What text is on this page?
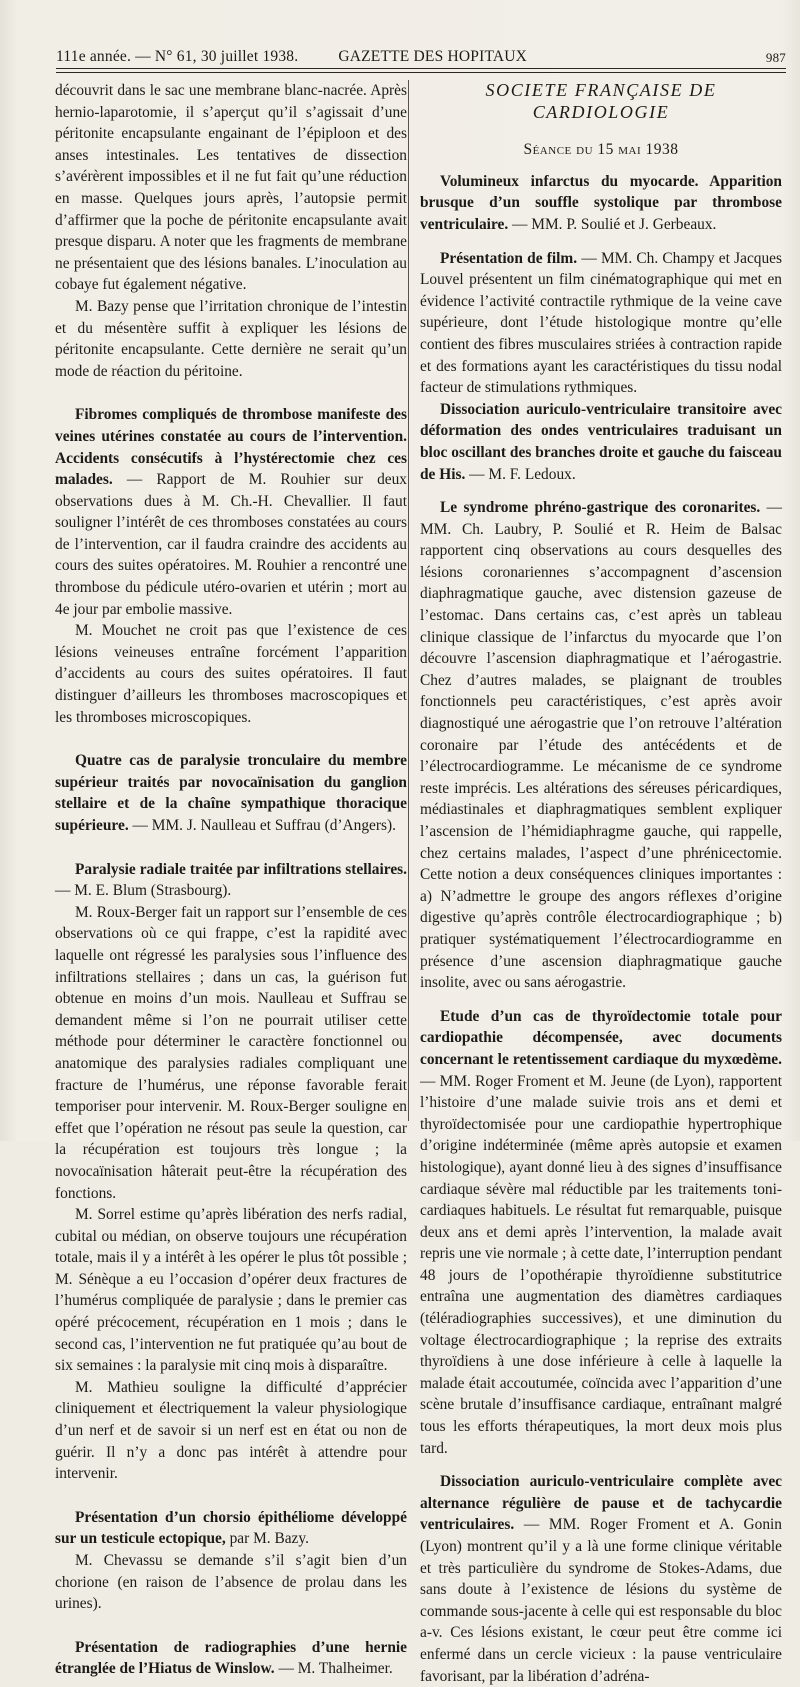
111e année. — N° 61, 30 juillet 1938.	GAZETTE DES HOPITAUX	987

découvrit dans le sac une membrane blanc-nacrée. Après hernio-laparotomie, il s’aperçut qu’il s’agissait d’une péritonite encapsulante engainant de l’épiploon et des anses intestinales. Les tentatives de dissection s’avérèrent impossibles et il ne fut fait qu’une réduction en masse. Quelques jours après, l’autopsie permit d’affirmer que la poche de péritonite encapsulante avait presque disparu. A noter que les fragments de membrane ne présentaient que des lésions banales. L’inoculation au cobaye fut également négative.

M. Bazy pense que l’irritation chronique de l’intestin et du mésentère suffit à expliquer les lésions de péritonite encapsulante. Cette dernière ne serait qu’un mode de réaction du péritoine.

Fibromes compliqués de thrombose manifeste des veines utérines constatée au cours de l’intervention. Accidents consécutifs à l’hystérectomie chez ces malades. — Rapport de M. Rouhier sur deux observations dues à M. Ch.-H. Chevallier. Il faut souligner l’intérêt de ces thromboses constatées au cours de l’intervention, car il faudra craindre des accidents au cours des suites opératoires. M. Rouhier a rencontré une thrombose du pédicule utéro-ovarien et utérin ; mort au 4e jour par embolie massive.

M. Mouchet ne croit pas que l’existence de ces lésions veineuses entraîne forcément l’apparition d’accidents au cours des suites opératoires. Il faut distinguer d’ailleurs les thromboses macroscopiques et les thromboses microscopiques.

Quatre cas de paralysie tronculaire du membre supérieur traités par novocaïnisation du ganglion stellaire et de la chaîne sympathique thoracique supérieure. — MM. J. Naulleau et Suffrau (d’Angers).

Paralysie radiale traitée par infiltrations stellaires. — M. E. Blum (Strasbourg).

M. Roux-Berger fait un rapport sur l’ensemble de ces observations où ce qui frappe, c’est la rapidité avec laquelle ont régressé les paralysies sous l’influence des infiltrations stellaires ; dans un cas, la guérison fut obtenue en moins d’un mois. Naulleau et Suffrau se demandent même si l’on ne pourrait utiliser cette méthode pour déterminer le caractère fonctionnel ou anatomique des paralysies radiales compliquant une fracture de l’humérus, une réponse favorable ferait temporiser pour intervenir. M. Roux-Berger souligne en effet que l’opération ne résout pas seule la question, car la récupération est toujours très longue ; la novocaïnisation hâterait peut-être la récupération des fonctions.

M. Sorrel estime qu’après libération des nerfs radial, cubital ou médian, on observe toujours une récupération totale, mais il y a intérêt à les opérer le plus tôt possible ; M. Sénèque a eu l’occasion d’opérer deux fractures de l’humérus compliquée de paralysie ; dans le premier cas opéré précocement, récupération en 1 mois ; dans le second cas, l’intervention ne fut pratiquée qu’au bout de six semaines : la paralysie mit cinq mois à disparaître.

M. Mathieu souligne la difficulté d’apprécier cliniquement et électriquement la valeur physiologique d’un nerf et de savoir si un nerf est en état ou non de guérir. Il n’y a donc pas intérêt à attendre pour intervenir.

Présentation d’un chorsio épithéliome développé sur un testicule ectopique, par M. Bazy.

M. Chevassu se demande s’il s’agit bien d’un chorione (en raison de l’absence de prolau dans les urines).

Présentation de radiographies d’une hernie étranglée de l’Hiatus de Winslow. — M. Thalheimer.

SOCIETE FRANÇAISE DE CARDIOLOGIE
Séance du 15 mai 1938

Volumineux infarctus du myocarde. Apparition brusque d’un souffle systolique par thrombose ventriculaire. — MM. P. Soulié et J. Gerbeaux.

Présentation de film. — MM. Ch. Champy et Jacques Louvel présentent un film cinématographique qui met en évidence l’activité contractile rythmique de la veine cave supérieure, dont l’étude histologique montre qu’elle contient des fibres musculaires striées à contraction rapide et des formations ayant les caractéristiques du tissu nodal facteur de stimulations rythmiques.

Dissociation auriculo-ventriculaire transitoire avec déformation des ondes ventriculaires traduisant un bloc oscillant des branches droite et gauche du faisceau de His. — M. F. Ledoux.

Le syndrome phréno-gastrique des coronarites. — MM. Ch. Laubry, P. Soulié et R. Heim de Balsac rapportent cinq observations au cours desquelles des lésions coronariennes s’accompagnent d’ascension diaphragmatique gauche, avec distension gazeuse de l’estomac. Dans certains cas, c’est après un tableau clinique classique de l’infarctus du myocarde que l’on découvre l’ascension diaphragmatique et l’aérogastrie. Chez d’autres malades, se plaignant de troubles fonctionnels peu caractéristiques, c’est après avoir diagnostiqué une aérogastrie que l’on retrouve l’altération coronaire par l’étude des antécédents et de l’électrocardiogramme. Le mécanisme de ce syndrome reste imprécis. Les altérations des séreuses péricardiques, médiastinales et diaphragmatiques semblent expliquer l’ascension de l’hémidiaphragme gauche, qui rappelle, chez certains malades, l’aspect d’une phrénicectomie. Cette notion a deux conséquences cliniques importantes : a) N’admettre le groupe des angors réflexes d’origine digestive qu’après contrôle électrocardiographique ; b) pratiquer systématiquement l’électrocardiogramme en présence d’une ascension diaphragmatique gauche insolite, avec ou sans aérogastrie.

Etude d’un cas de thyroïdectomie totale pour cardiopathie décompensée, avec documents concernant le retentissement cardiaque du myxœdème. — MM. Roger Froment et M. Jeune (de Lyon), rapportent l’histoire d’une malade suivie trois ans et demi et thyroïdectomisée pour une cardiopathie hypertrophique d’origine indéterminée (même après autopsie et examen histologique), ayant donné lieu à des signes d’insuffisance cardiaque sévère mal réductible par les traitements toni-cardiaques habituels. Le résultat fut remarquable, puisque deux ans et demi après l’intervention, la malade avait repris une vie normale ; à cette date, l’interruption pendant 48 jours de l’opothérapie thyroïdienne substitutrice entraîna une augmentation des diamètres cardiaques (téléradiographies successives), et une diminution du voltage électrocardiographique ; la reprise des extraits thyroïdiens à une dose inférieure à celle à laquelle la malade était accoutumée, coïncida avec l’apparition d’une scène brutale d’insuffisance cardiaque, entraînant malgré tous les efforts thérapeutiques, la mort deux mois plus tard.

Dissociation auriculo-ventriculaire complète avec alternance régulière de pause et de tachycardie ventriculaires. — MM. Roger Froment et A. Gonin (Lyon) montrent qu’il y a là une forme clinique véritable et très particulière du syndrome de Stokes-Adams, due sans doute à l’existence de lésions du système de commande sous-jacente à celle qui est responsable du bloc a-v. Ces lésions existant, le cœur peut être comme ici enfermé dans un cercle vicieux : la pause ventriculaire favorisant, par la libération d’adréna-
